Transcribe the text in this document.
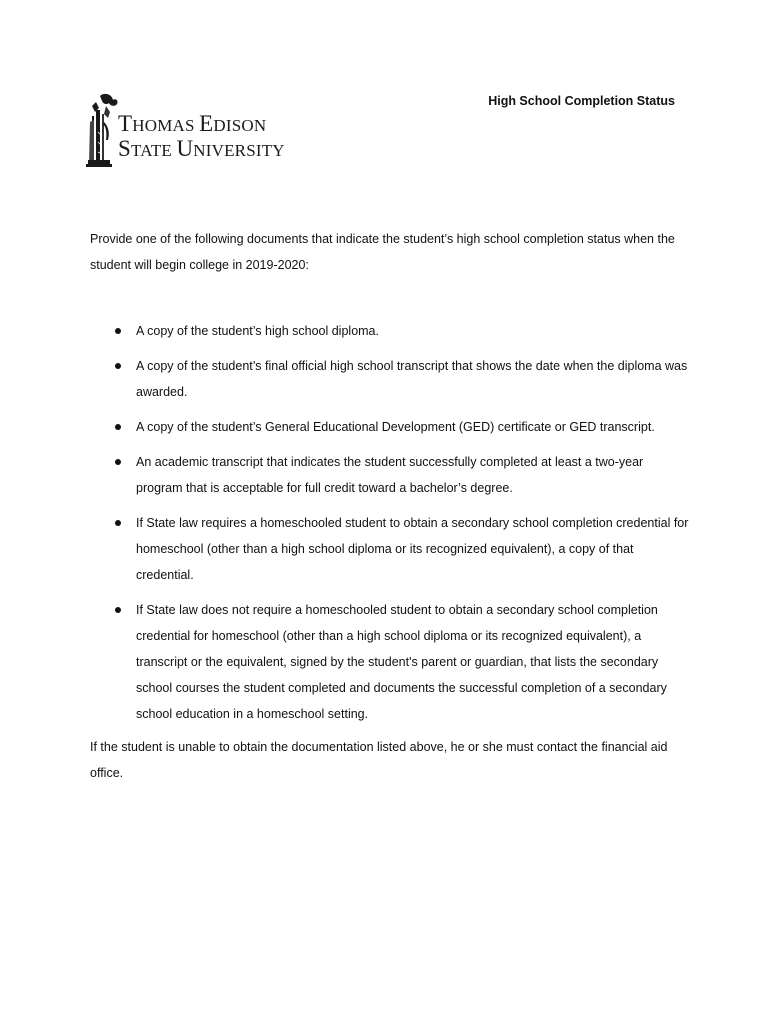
THOMAS EDISON
STATE UNIVERSITY
High School Completion Status

Provide one of the following documents that indicate the student’s high school completion status when the student will begin college in 2019-2020:

A copy of the student’s high school diploma.
A copy of the student’s final official high school transcript that shows the date when the diploma was awarded.
A copy of the student’s General Educational Development (GED) certificate or GED transcript.
An academic transcript that indicates the student successfully completed at least a two-year program that is acceptable for full credit toward a bachelor’s degree.
If State law requires a homeschooled student to obtain a secondary school completion credential for homeschool (other than a high school diploma or its recognized equivalent), a copy of that credential.
If State law does not require a homeschooled student to obtain a secondary school completion credential for homeschool (other than a high school diploma or its recognized equivalent), a transcript or the equivalent, signed by the student's parent or guardian, that lists the secondary school courses the student completed and documents the successful completion of a secondary school education in a homeschool setting.

If the student is unable to obtain the documentation listed above, he or she must contact the financial aid office.
